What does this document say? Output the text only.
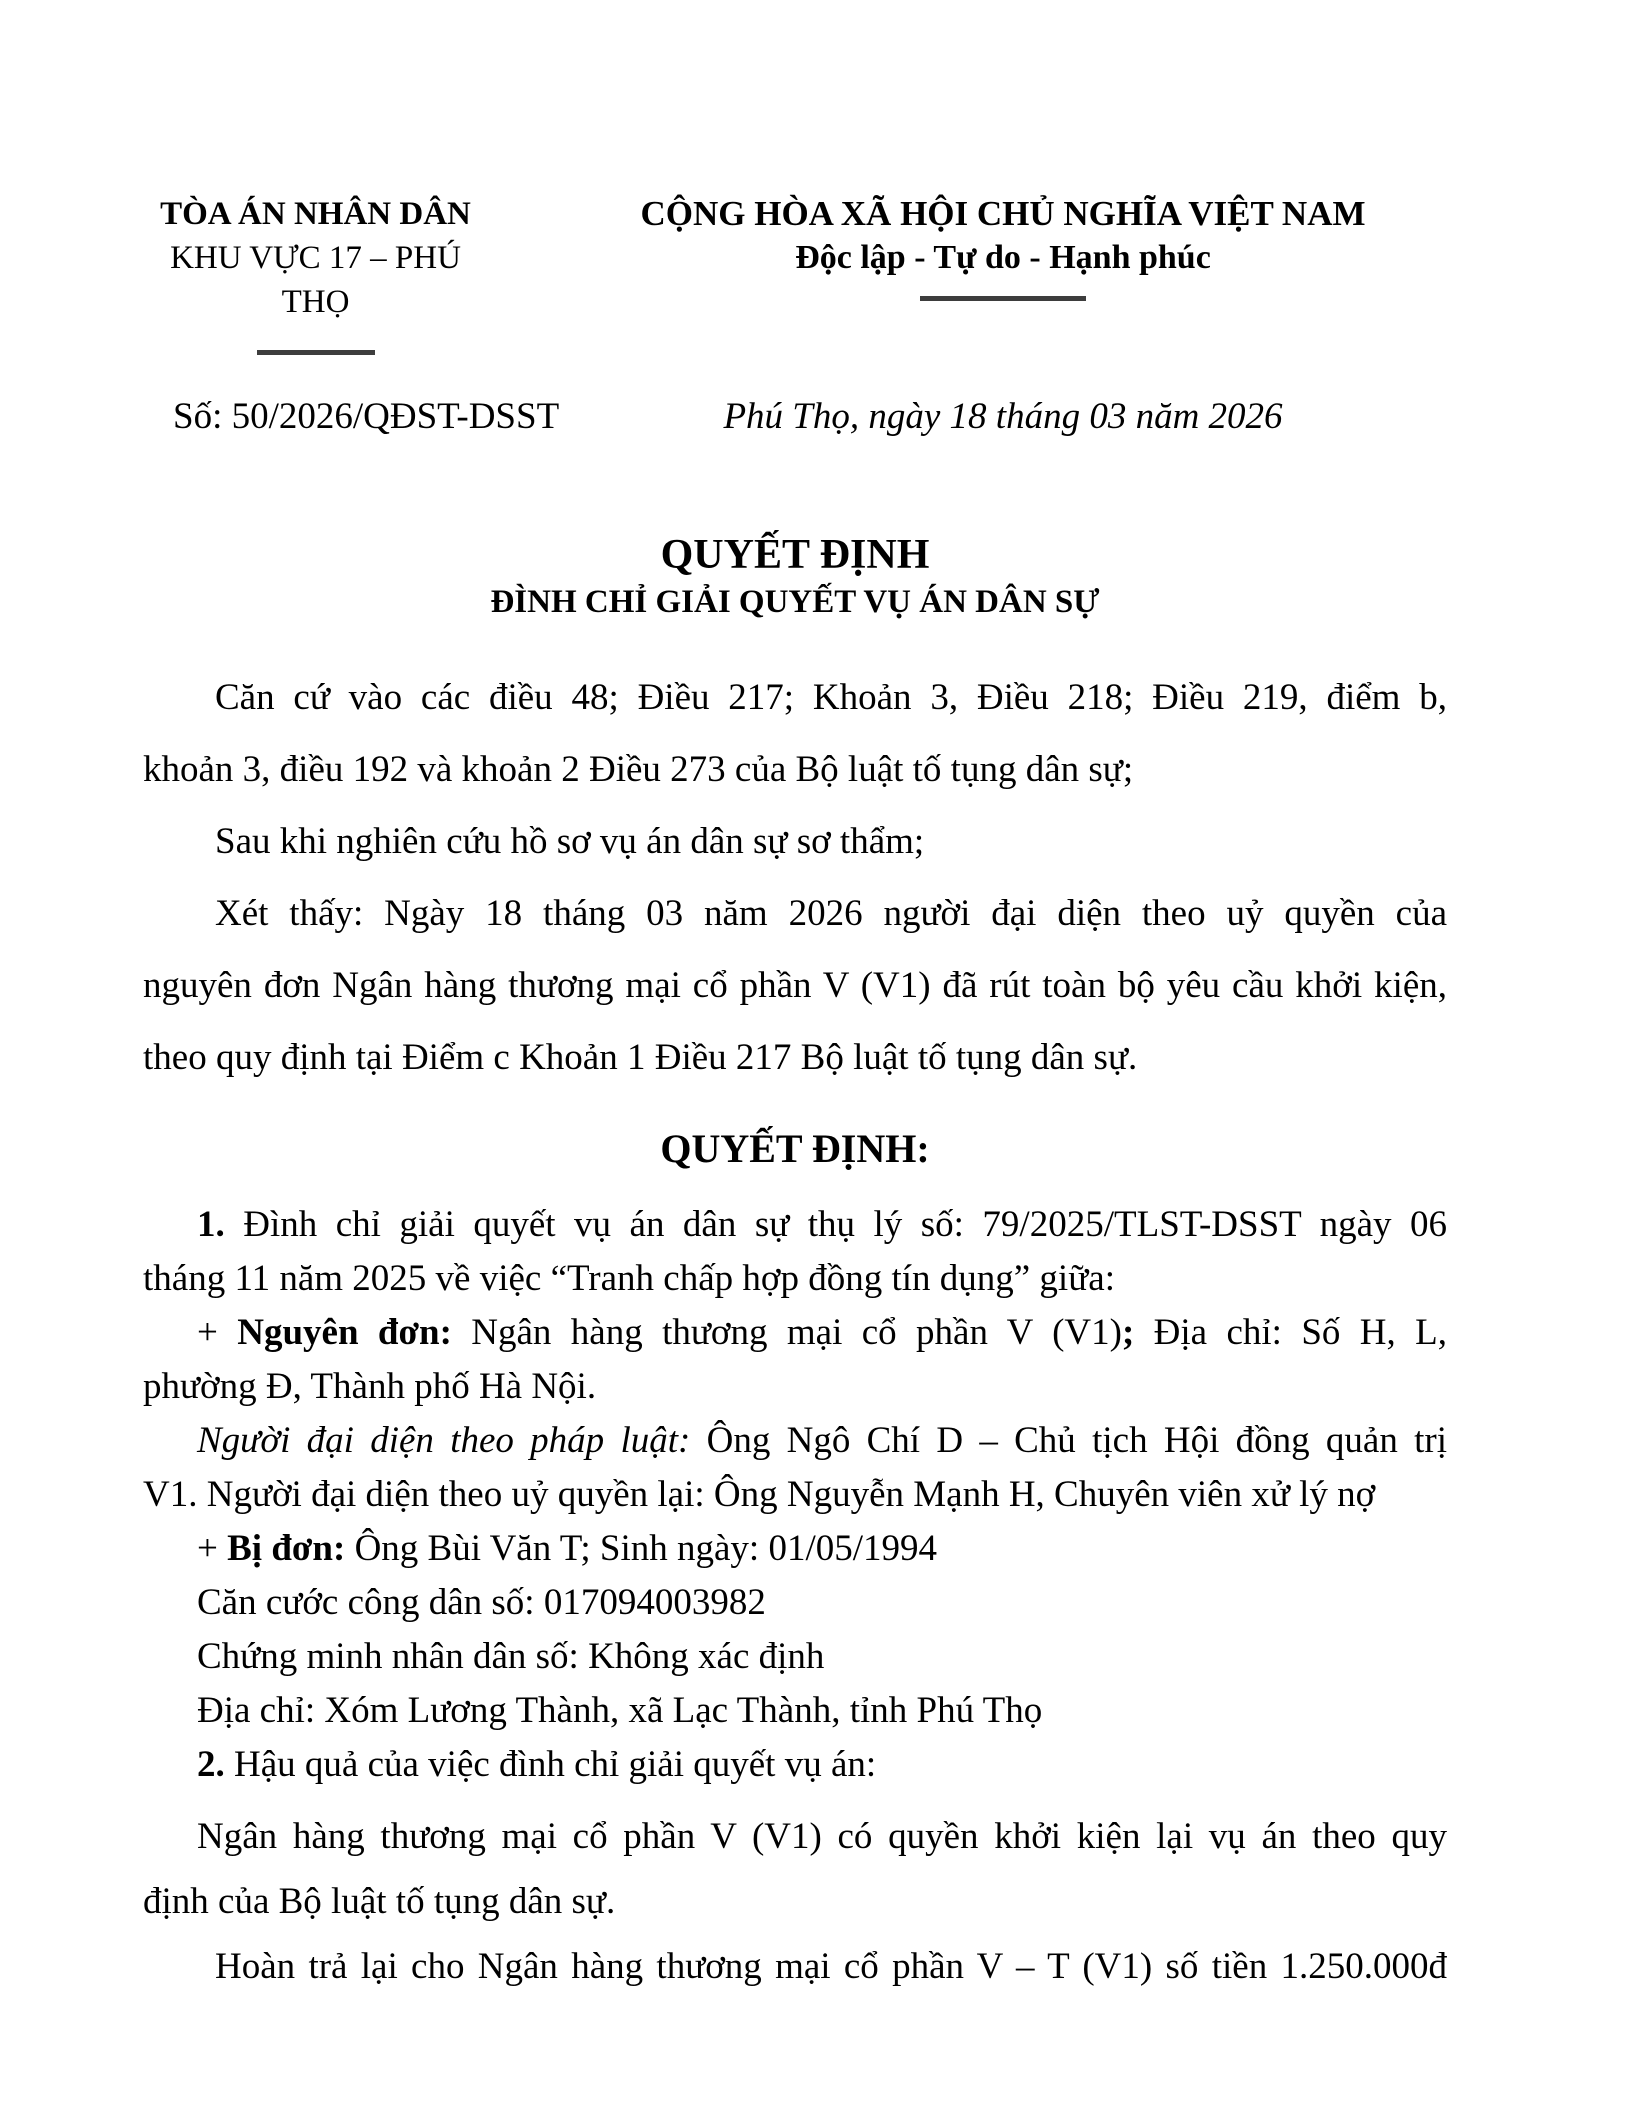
TÒA ÁN NHÂN DÂN
KHU VỰC 17 – PHÚ THỌ
CỘNG HÒA XÃ HỘI CHỦ NGHĨA VIỆT NAM
Độc lập - Tự do - Hạnh phúc
Số: 50/2026/QĐST-DSST	Phú Thọ, ngày 18 tháng 03 năm 2026
QUYẾT ĐỊNH
ĐÌNH CHỈ GIẢI QUYẾT VỤ ÁN DÂN SỰ
Căn cứ vào các điều 48; Điều 217; Khoản 3, Điều 218; Điều 219, điểm b,
khoản 3, điều 192 và khoản 2 Điều 273 của Bộ luật tố tụng dân sự;
Sau khi nghiên cứu hồ sơ vụ án dân sự sơ thẩm;
Xét thấy: Ngày 18 tháng 03 năm 2026 người đại diện theo uỷ quyền của
nguyên đơn Ngân hàng thương mại cổ phần V (V1) đã rút toàn bộ yêu cầu khởi kiện,
theo quy định tại Điểm c Khoản 1 Điều 217 Bộ luật tố tụng dân sự.
QUYẾT ĐỊNH:
1. Đình chỉ giải quyết vụ án dân sự thụ lý số: 79/2025/TLST-DSST ngày 06
tháng 11 năm 2025 về việc “Tranh chấp hợp đồng tín dụng” giữa:
+ Nguyên đơn: Ngân hàng thương mại cổ phần V (V1); Địa chỉ: Số H, L,
phường Đ, Thành phố Hà Nội.
Người đại diện theo pháp luật: Ông Ngô Chí D – Chủ tịch Hội đồng quản trị
V1. Người đại diện theo uỷ quyền lại: Ông Nguyễn Mạnh H, Chuyên viên xử lý nợ
+ Bị đơn: Ông Bùi Văn T; Sinh ngày: 01/05/1994
Căn cước công dân số: 017094003982
Chứng minh nhân dân số: Không xác định
Địa chỉ: Xóm Lương Thành, xã Lạc Thành, tỉnh Phú Thọ
2. Hậu quả của việc đình chỉ giải quyết vụ án:
Ngân hàng thương mại cổ phần V (V1) có quyền khởi kiện lại vụ án theo quy
định của Bộ luật tố tụng dân sự.
Hoàn trả lại cho Ngân hàng thương mại cổ phần V – T (V1) số tiền 1.250.000đ
